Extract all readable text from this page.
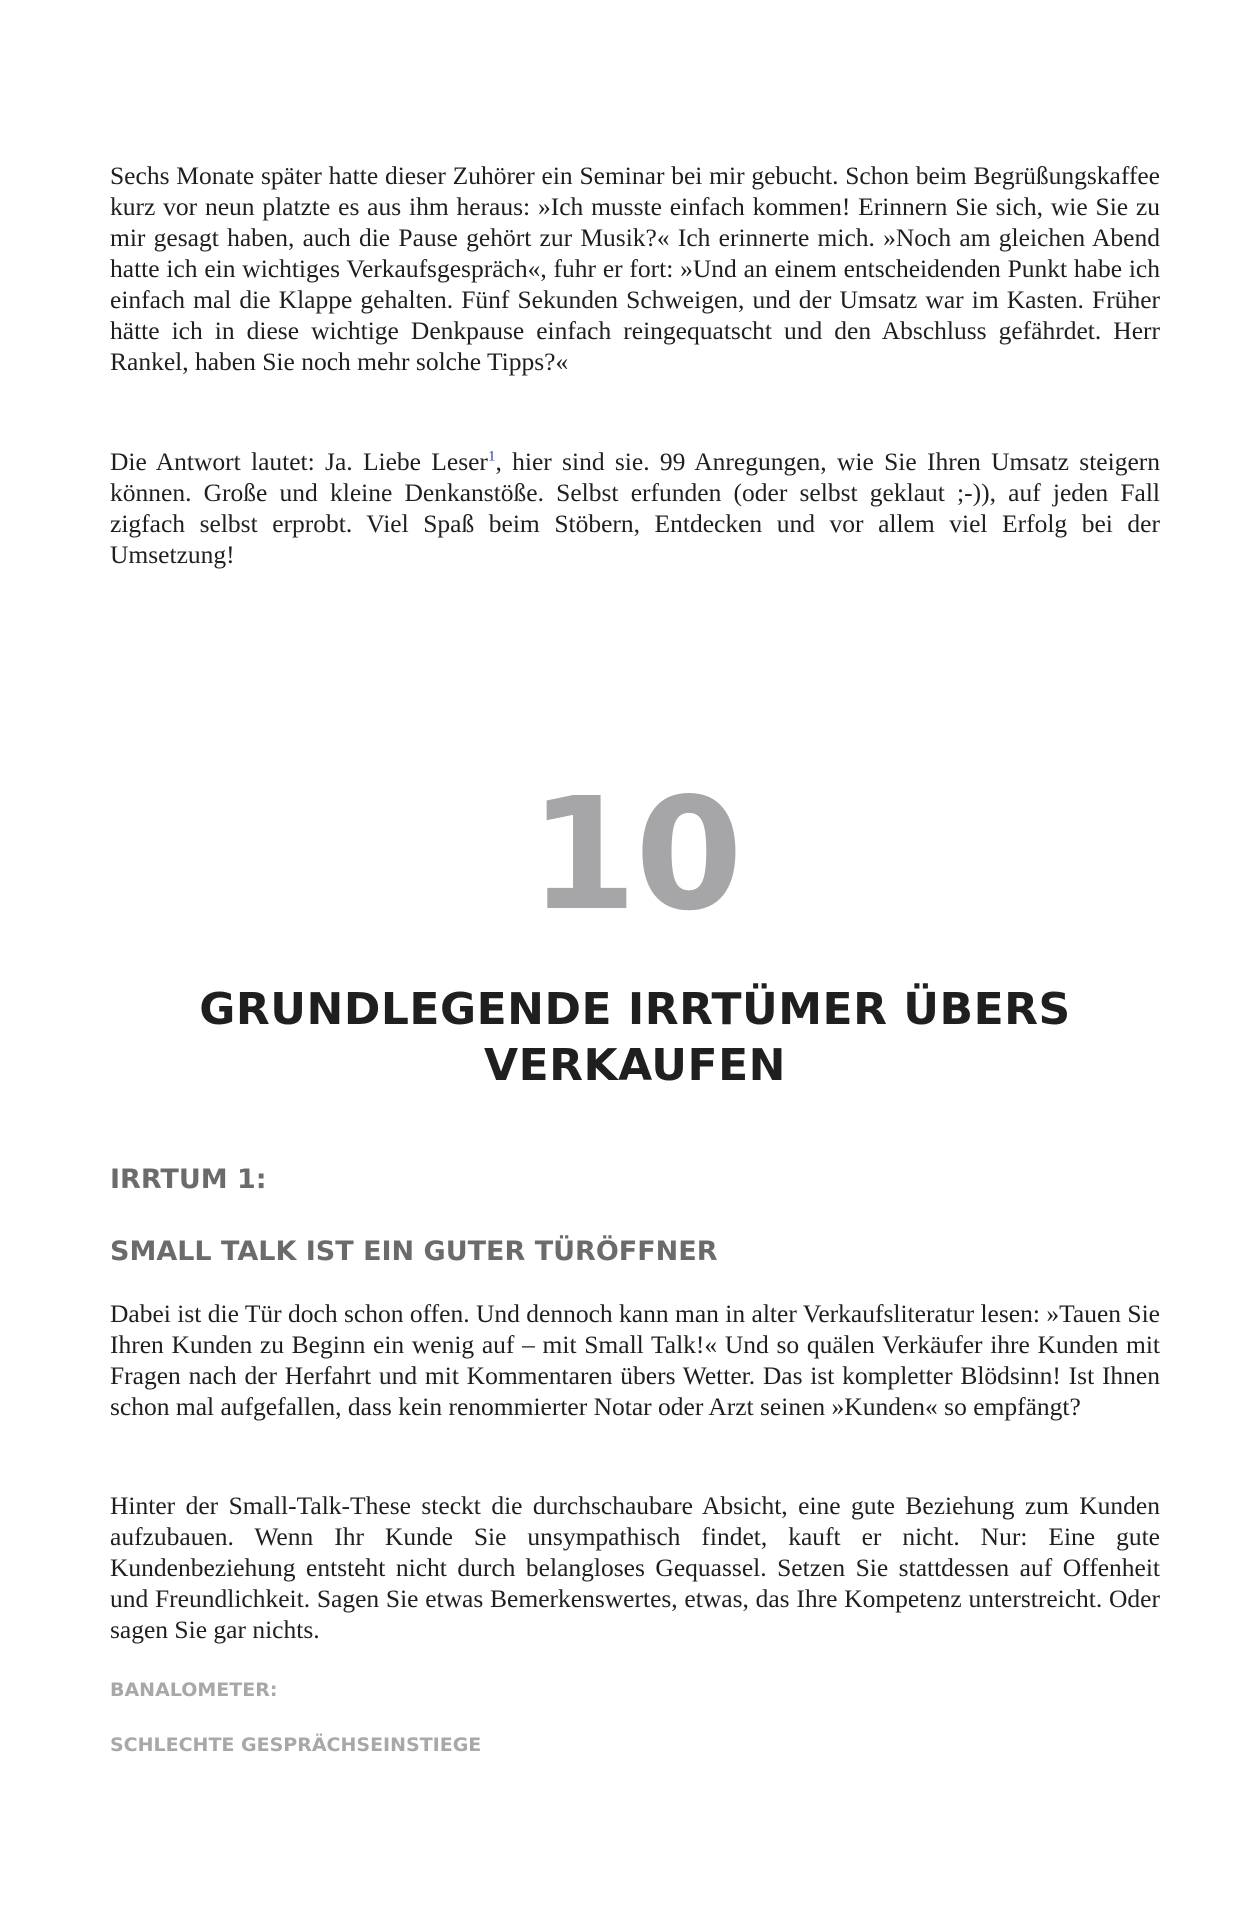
Sechs Monate später hatte dieser Zuhörer ein Seminar bei mir gebucht. Schon beim Begrüßungskaffee kurz vor neun platzte es aus ihm heraus: »Ich musste einfach kommen! Erinnern Sie sich, wie Sie zu mir gesagt haben, auch die Pause gehört zur Musik?« Ich erinnerte mich. »Noch am gleichen Abend hatte ich ein wichtiges Verkaufsgespräch«, fuhr er fort: »Und an einem entscheidenden Punkt habe ich einfach mal die Klappe gehalten. Fünf Sekunden Schweigen, und der Umsatz war im Kasten. Früher hätte ich in diese wichtige Denkpause einfach reingequatscht und den Abschluss gefährdet. Herr Rankel, haben Sie noch mehr solche Tipps?«

Die Antwort lautet: Ja. Liebe Leser$^1$, hier sind sie. 99 Anregungen, wie Sie Ihren Umsatz steigern können. Große und kleine Denkanstöße. Selbst erfunden (oder selbst geklaut ;-)), auf jeden Fall zigfach selbst erprobt. Viel Spaß beim Stöbern, Entdecken und vor allem viel Erfolg bei der Umsetzung!

10
GRUNDLEGENDE IRRTÜMER ÜBERS VERKAUFEN
IRRTUM 1:
SMALL TALK IST EIN GUTER TÜRÖFFNER

Dabei ist die Tür doch schon offen. Und dennoch kann man in alter Verkaufsliteratur lesen: »Tauen Sie Ihren Kunden zu Beginn ein wenig auf – mit Small Talk!« Und so quälen Verkäufer ihre Kunden mit Fragen nach der Herfahrt und mit Kommentaren übers Wetter. Das ist kompletter Blödsinn! Ist Ihnen schon mal aufgefallen, dass kein renommierter Notar oder Arzt seinen »Kunden« so empfängt?

Hinter der Small-Talk-These steckt die durchschaubare Absicht, eine gute Beziehung zum Kunden aufzubauen. Wenn Ihr Kunde Sie unsympathisch findet, kauft er nicht. Nur: Eine gute Kundenbeziehung entsteht nicht durch belangloses Gequassel. Setzen Sie stattdessen auf Offenheit und Freundlichkeit. Sagen Sie etwas Bemerkenswertes, etwas, das Ihre Kompetenz unterstreicht. Oder sagen Sie gar nichts.

BANALOMETER:
SCHLECHTE GESPRÄCHSEINSTIEGE
